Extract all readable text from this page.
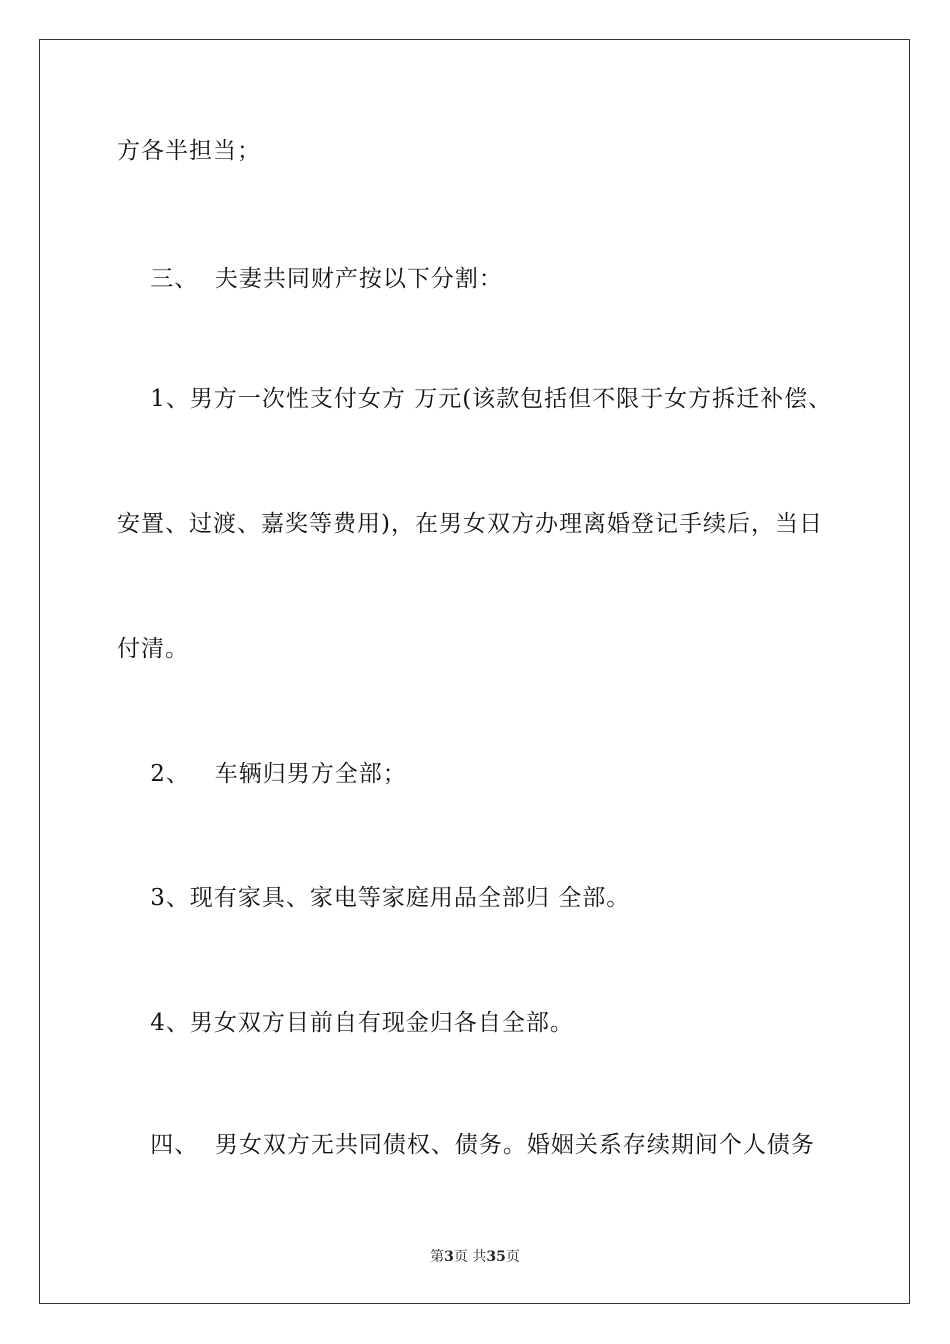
方各半担当；
三、  夫妻共同财产按以下分割：
1、男方一次性支付女方 万元(该款包括但不限于女方拆迁补偿、
安置、过渡、嘉奖等费用)，在男女双方办理离婚登记手续后，当日
付清。
2、   车辆归男方全部；
3、现有家具、家电等家庭用品全部归 全部。
4、男女双方目前自有现金归各自全部。
四、  男女双方无共同债权、债务。婚姻关系存续期间个人债务
第3页 共35页
